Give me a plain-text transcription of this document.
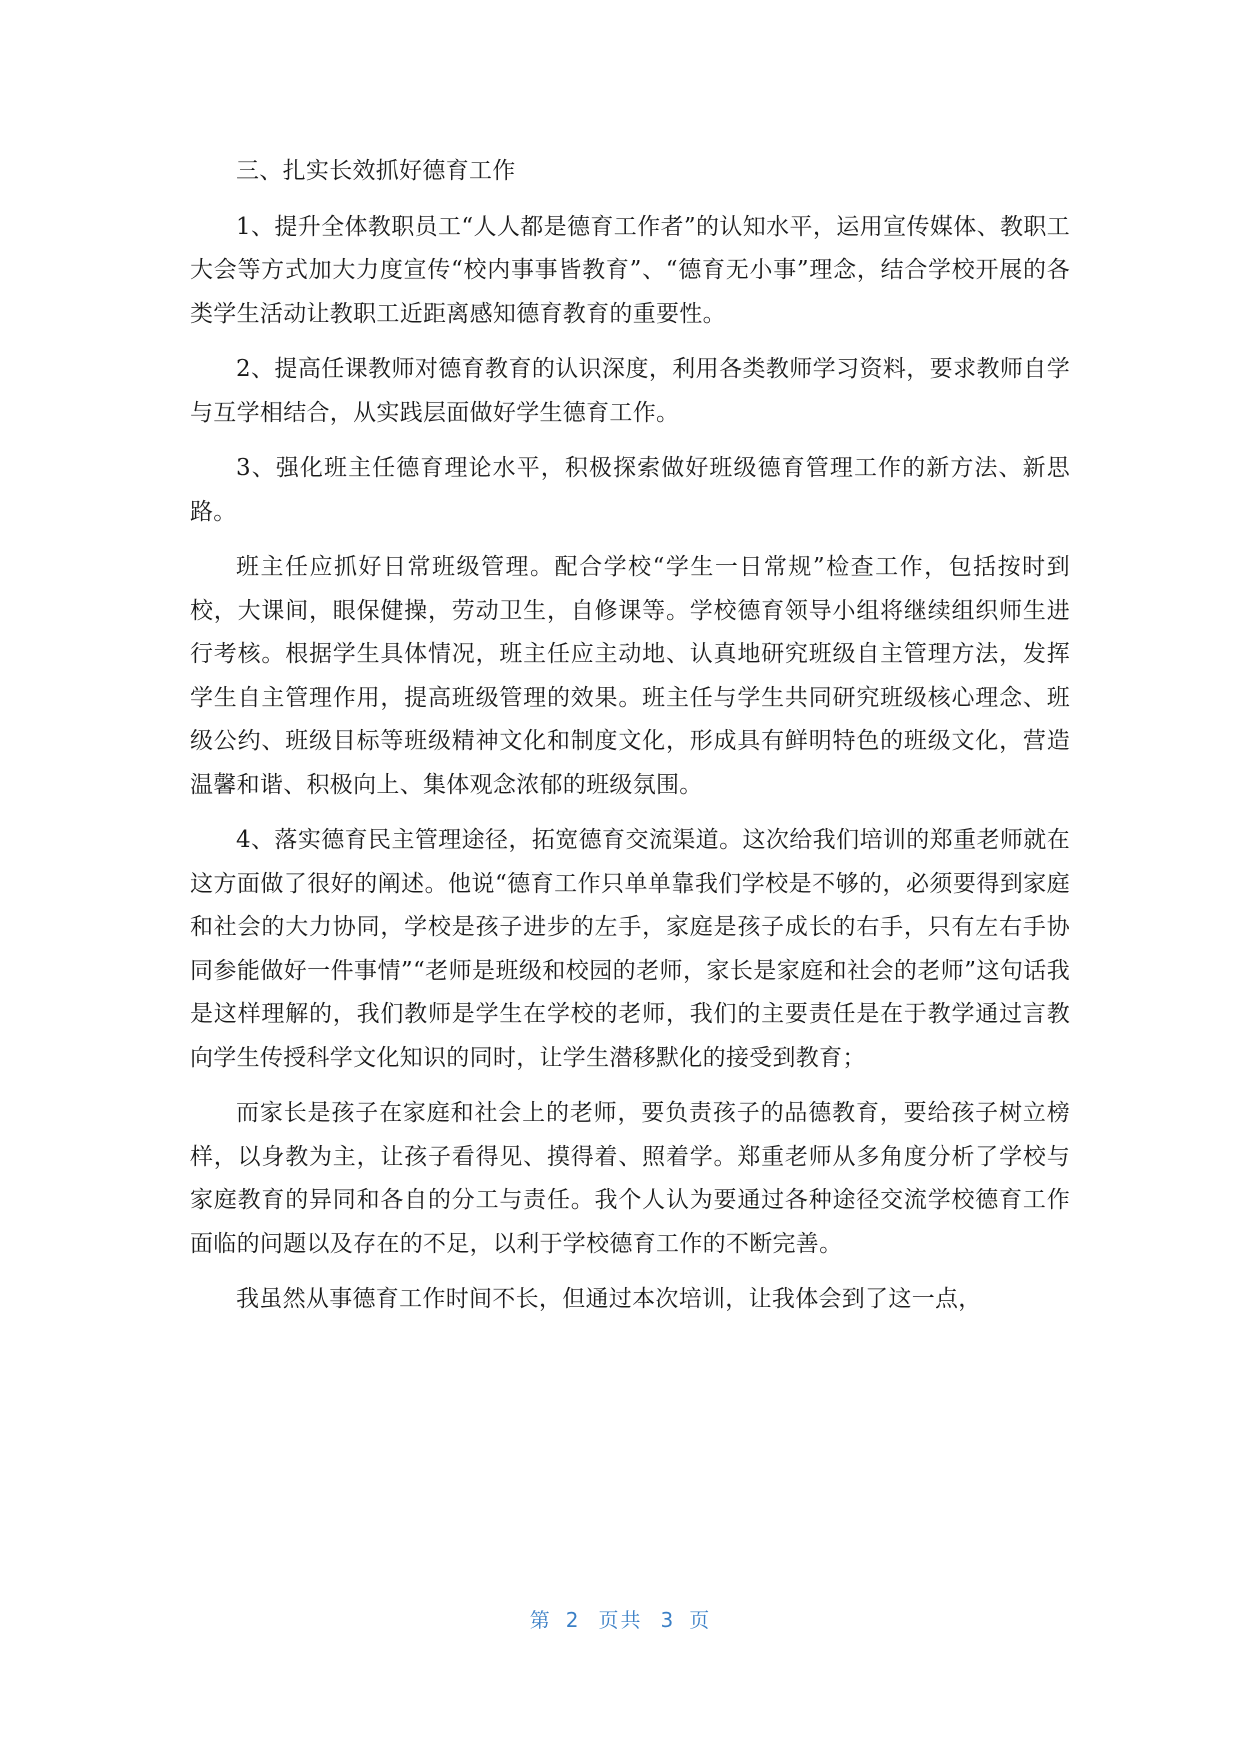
三、扎实长效抓好德育工作

1、提升全体教职员工“人人都是德育工作者”的认知水平，运用宣传媒体、教职工大会等方式加大力度宣传“校内事事皆教育”、“德育无小事”理念，结合学校开展的各类学生活动让教职工近距离感知德育教育的重要性。

2、提高任课教师对德育教育的认识深度，利用各类教师学习资料，要求教师自学与互学相结合，从实践层面做好学生德育工作。

3、强化班主任德育理论水平，积极探索做好班级德育管理工作的新方法、新思路。

班主任应抓好日常班级管理。配合学校“学生一日常规”检查工作，包括按时到校，大课间，眼保健操，劳动卫生，自修课等。学校德育领导小组将继续组织师生进行考核。根据学生具体情况，班主任应主动地、认真地研究班级自主管理方法，发挥学生自主管理作用，提高班级管理的效果。班主任与学生共同研究班级核心理念、班级公约、班级目标等班级精神文化和制度文化，形成具有鲜明特色的班级文化，营造温馨和谐、积极向上、集体观念浓郁的班级氛围。

4、落实德育民主管理途径，拓宽德育交流渠道。这次给我们培训的郑重老师就在这方面做了很好的阐述。他说“德育工作只单单靠我们学校是不够的，必须要得到家庭和社会的大力协同，学校是孩子进步的左手，家庭是孩子成长的右手，只有左右手协同参能做好一件事情”“老师是班级和校园的老师，家长是家庭和社会的老师”这句话我是这样理解的，我们教师是学生在学校的老师，我们的主要责任是在于教学通过言教向学生传授科学文化知识的同时，让学生潜移默化的接受到教育；

而家长是孩子在家庭和社会上的老师，要负责孩子的品德教育，要给孩子树立榜样，以身教为主，让孩子看得见、摸得着、照着学。郑重老师从多角度分析了学校与家庭教育的异同和各自的分工与责任。我个人认为要通过各种途径交流学校德育工作面临的问题以及存在的不足，以利于学校德育工作的不断完善。

我虽然从事德育工作时间不长，但通过本次培训，让我体会到了这一点，

第 2 页共 3 页
